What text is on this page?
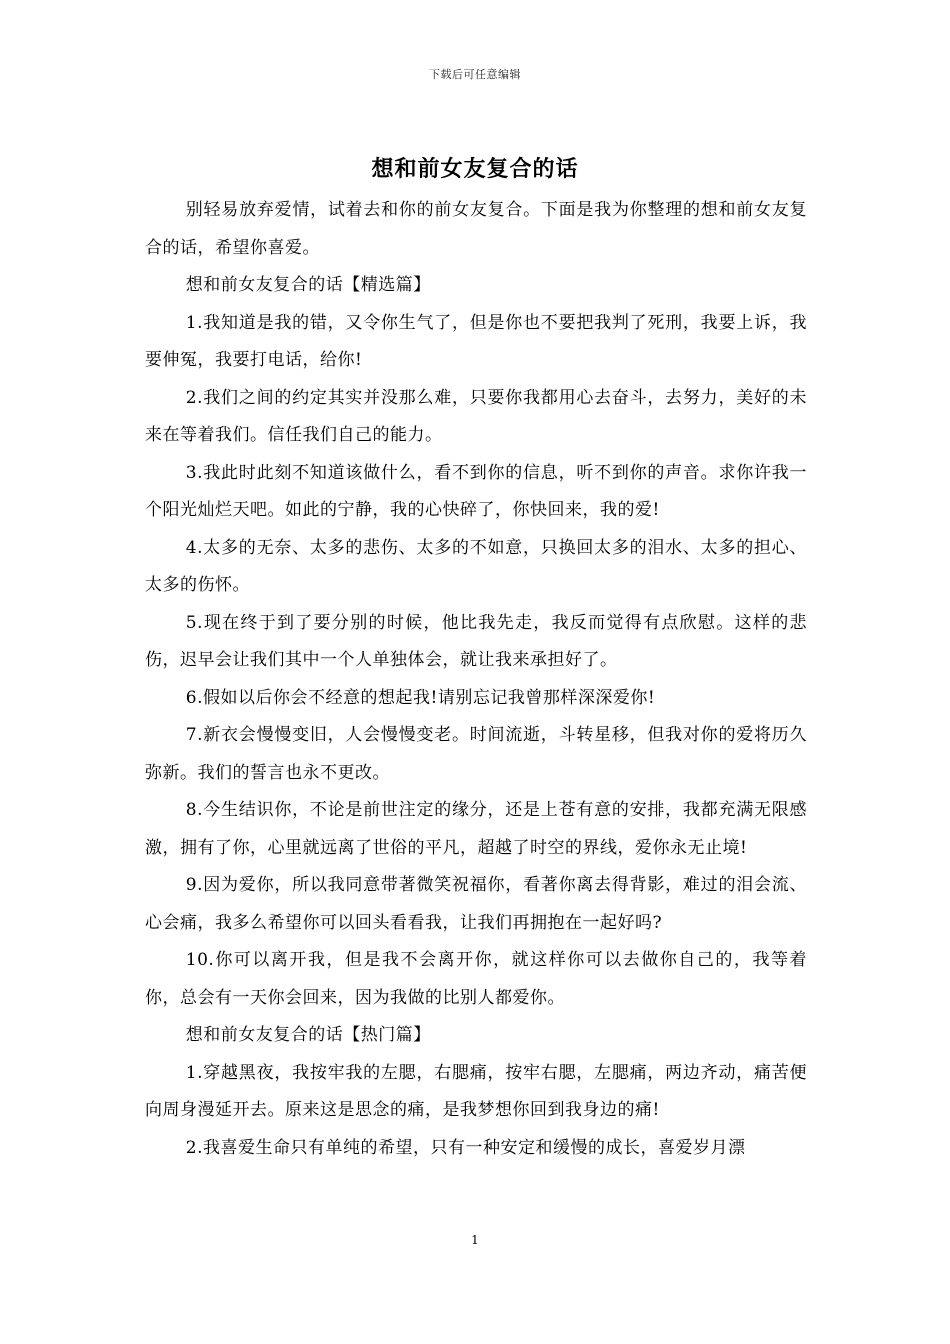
下载后可任意编辑
想和前女友复合的话

别轻易放弃爱情，试着去和你的前女友复合。下面是我为你整理的想和前女友复合的话，希望你喜爱。

想和前女友复合的话【精选篇】

1.我知道是我的错，又令你生气了，但是你也不要把我判了死刑，我要上诉，我要伸冤，我要打电话，给你!

2.我们之间的约定其实并没那么难，只要你我都用心去奋斗，去努力，美好的未来在等着我们。信任我们自己的能力。

3.我此时此刻不知道该做什么，看不到你的信息，听不到你的声音。求你许我一个阳光灿烂天吧。如此的宁静，我的心快碎了，你快回来，我的爱!

4.太多的无奈、太多的悲伤、太多的不如意，只换回太多的泪水、太多的担心、太多的伤怀。

5.现在终于到了要分别的时候，他比我先走，我反而觉得有点欣慰。这样的悲伤，迟早会让我们其中一个人单独体会，就让我来承担好了。

6.假如以后你会不经意的想起我!请别忘记我曾那样深深爱你!

7.新衣会慢慢变旧，人会慢慢变老。时间流逝，斗转星移，但我对你的爱将历久弥新。我们的誓言也永不更改。

8.今生结识你，不论是前世注定的缘分，还是上苍有意的安排，我都充满无限感激，拥有了你，心里就远离了世俗的平凡，超越了时空的界线，爱你永无止境!

9.因为爱你，所以我同意带著微笑祝福你，看著你离去得背影，难过的泪会流、心会痛，我多么希望你可以回头看看我，让我们再拥抱在一起好吗?

10.你可以离开我，但是我不会离开你，就这样你可以去做你自己的，我等着你，总会有一天你会回来，因为我做的比别人都爱你。

想和前女友复合的话【热门篇】

1.穿越黑夜，我按牢我的左腮，右腮痛，按牢右腮，左腮痛，两边齐动，痛苦便向周身漫延开去。原来这是思念的痛，是我梦想你回到我身边的痛!

2.我喜爱生命只有单纯的希望，只有一种安定和缓慢的成长，喜爱岁月漂

1
